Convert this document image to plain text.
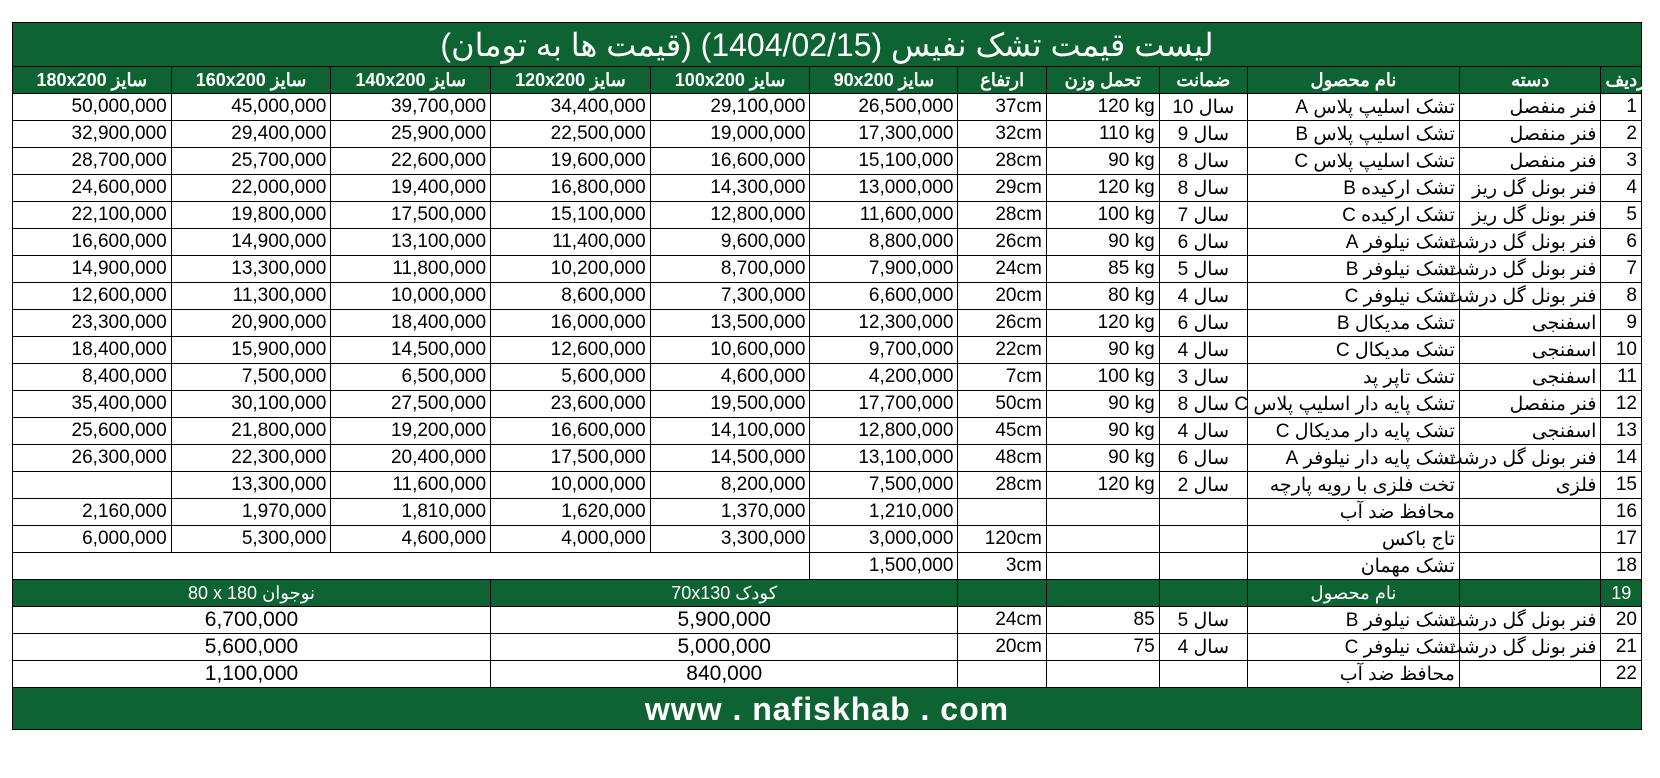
لیست قیمت تشک نفیس (1404/02/15) (قیمت ها به تومان)
180x200 سایز	160x200 سایز	140x200 سایز	120x200 سایز	100x200 سایز	90x200 سایز	ارتفاع	تحمل وزن	ضمانت	نام محصول	دسته	ردیف
50,000,000	45,000,000	39,700,000	34,400,000	29,100,000	26,500,000	37cm	120 kg	10 سال	تشک اسلیپ پلاس A	فنر منفصل	1
32,900,000	29,400,000	25,900,000	22,500,000	19,000,000	17,300,000	32cm	110 kg	9 سال	تشک اسلیپ پلاس B	فنر منفصل	2
28,700,000	25,700,000	22,600,000	19,600,000	16,600,000	15,100,000	28cm	90 kg	8 سال	تشک اسلیپ پلاس C	فنر منفصل	3
24,600,000	22,000,000	19,400,000	16,800,000	14,300,000	13,000,000	29cm	120 kg	8 سال	تشک ارکیده B	فنر بونل گل ریز	4
22,100,000	19,800,000	17,500,000	15,100,000	12,800,000	11,600,000	28cm	100 kg	7 سال	تشک ارکیده C	فنر بونل گل ریز	5
16,600,000	14,900,000	13,100,000	11,400,000	9,600,000	8,800,000	26cm	90 kg	6 سال	تشک نیلوفر A	فنر بونل گل درشت	6
14,900,000	13,300,000	11,800,000	10,200,000	8,700,000	7,900,000	24cm	85 kg	5 سال	تشک نیلوفر B	فنر بونل گل درشت	7
12,600,000	11,300,000	10,000,000	8,600,000	7,300,000	6,600,000	20cm	80 kg	4 سال	تشک نیلوفر C	فنر بونل گل درشت	8
23,300,000	20,900,000	18,400,000	16,000,000	13,500,000	12,300,000	26cm	120 kg	6 سال	تشک مدیکال B	اسفنجی	9
18,400,000	15,900,000	14,500,000	12,600,000	10,600,000	9,700,000	22cm	90 kg	4 سال	تشک مدیکال C	اسفنجی	10
8,400,000	7,500,000	6,500,000	5,600,000	4,600,000	4,200,000	7cm	100 kg	3 سال	تشک تاپر پد	اسفنجی	11
35,400,000	30,100,000	27,500,000	23,600,000	19,500,000	17,700,000	50cm	90 kg	8 سال	تشک پایه دار اسلیپ پلاس C	فنر منفصل	12
25,600,000	21,800,000	19,200,000	16,600,000	14,100,000	12,800,000	45cm	90 kg	4 سال	تشک پایه دار مدیکال C	اسفنجی	13
26,300,000	22,300,000	20,400,000	17,500,000	14,500,000	13,100,000	48cm	90 kg	6 سال	تشک پایه دار نیلوفر A	فنر بونل گل درشت	14
	13,300,000	11,600,000	10,000,000	8,200,000	7,500,000	28cm	120 kg	2 سال	تخت فلزی با رویه پارچه	فلزی	15
2,160,000	1,970,000	1,810,000	1,620,000	1,370,000	1,210,000				محافظ ضد آب		16
6,000,000	5,300,000	4,600,000	4,000,000	3,300,000	3,000,000	120cm			تاج باکس		17
					1,500,000	3cm			تشک مهمان		18
80 x 180 نوجوان			70x130 کودک						نام محصول		19
6,700,000			5,900,000			24cm	85	5 سال	تشک نیلوفر B	فنر بونل گل درشت	20
5,600,000			5,000,000			20cm	75	4 سال	تشک نیلوفر C	فنر بونل گل درشت	21
1,100,000			840,000						محافظ ضد آب		22
www . nafiskhab . com
